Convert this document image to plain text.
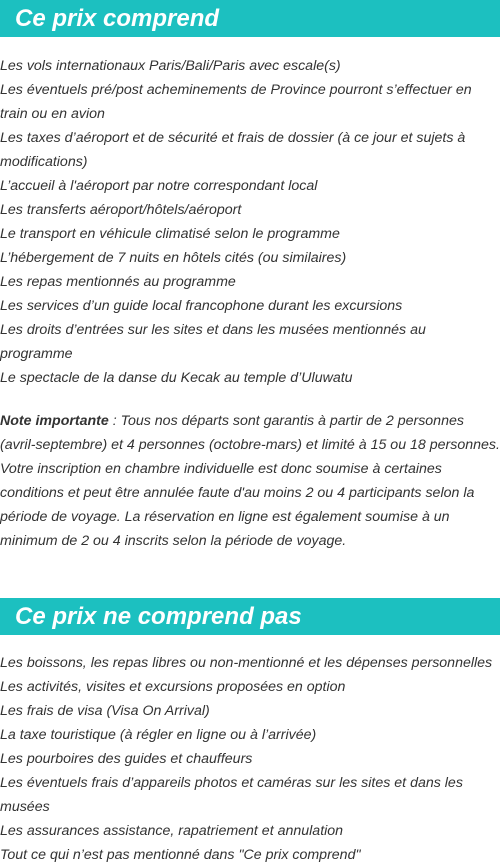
Ce prix comprend
Les vols internationaux Paris/Bali/Paris avec escale(s)
Les éventuels pré/post acheminements de Province pourront s’effectuer en train ou en avion
Les taxes d’aéroport et de sécurité et frais de dossier (à ce jour et sujets à modifications)
L’accueil à l'aéroport par notre correspondant local
Les transferts aéroport/hôtels/aéroport
Le transport en véhicule climatisé selon le programme
L’hébergement de 7 nuits en hôtels cités (ou similaires)
Les repas mentionnés au programme
Les services d’un guide local francophone durant les excursions
Les droits d’entrées sur les sites et dans les musées mentionnés au programme
Le spectacle de la danse du Kecak au temple d’Uluwatu

Note importante : Tous nos départs sont garantis à partir de 2 personnes (avril-septembre) et 4 personnes (octobre-mars) et limité à 15 ou 18 personnes. Votre inscription en chambre individuelle est donc soumise à certaines conditions et peut être annulée faute d'au moins 2 ou 4 participants selon la période de voyage. La réservation en ligne est également soumise à un minimum de 2 ou 4 inscrits selon la période de voyage.

Ce prix ne comprend pas
Les boissons, les repas libres ou non-mentionné et les dépenses personnelles
Les activités, visites et excursions proposées en option
Les frais de visa (Visa On Arrival)
La taxe touristique (à régler en ligne ou à l’arrivée)
Les pourboires des guides et chauffeurs
Les éventuels frais d’appareils photos et caméras sur les sites et dans les musées
Les assurances assistance, rapatriement et annulation
Tout ce qui n’est pas mentionné dans "Ce prix comprend"
